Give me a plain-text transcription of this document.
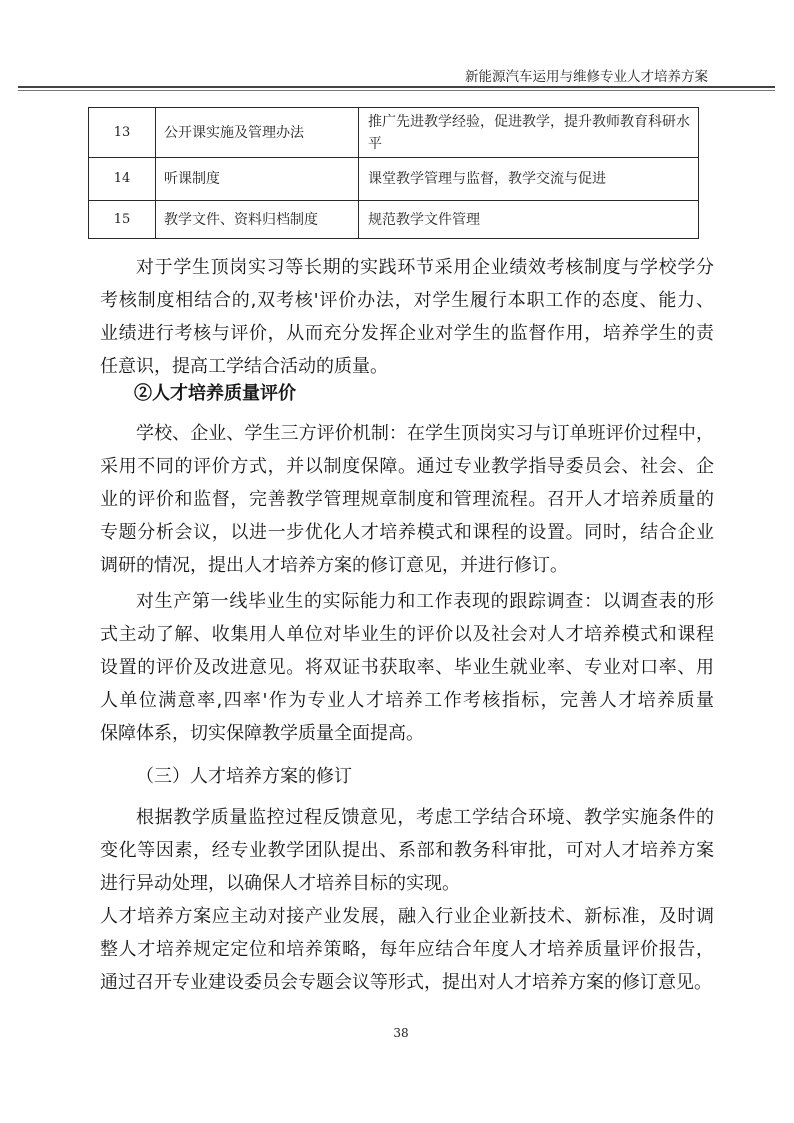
新能源汽车运用与维修专业人才培养方案
13	公开课实施及管理办法	推广先进教学经验，促进教学，提升教师教育科研水平
14	听课制度	课堂教学管理与监督，教学交流与促进
15	教学文件、资料归档制度	规范教学文件管理
对于学生顶岗实习等长期的实践环节采用企业绩效考核制度与学校学分
考核制度相结合的,双考核'评价办法，对学生履行本职工作的态度、能力、
业绩进行考核与评价，从而充分发挥企业对学生的监督作用，培养学生的责
任意识，提高工学结合活动的质量。
②人才培养质量评价
学校、企业、学生三方评价机制：在学生顶岗实习与订单班评价过程中，
采用不同的评价方式，并以制度保障。通过专业教学指导委员会、社会、企
业的评价和监督，完善教学管理规章制度和管理流程。召开人才培养质量的
专题分析会议，以进一步优化人才培养模式和课程的设置。同时，结合企业
调研的情况，提出人才培养方案的修订意见，并进行修订。
对生产第一线毕业生的实际能力和工作表现的跟踪调查：以调查表的形
式主动了解、收集用人单位对毕业生的评价以及社会对人才培养模式和课程
设置的评价及改进意见。将双证书获取率、毕业生就业率、专业对口率、用
人单位满意率,四率'作为专业人才培养工作考核指标，完善人才培养质量
保障体系，切实保障教学质量全面提高。
（三）人才培养方案的修订
根据教学质量监控过程反馈意见，考虑工学结合环境、教学实施条件的
变化等因素，经专业教学团队提出、系部和教务科审批，可对人才培养方案
进行异动处理，以确保人才培养目标的实现。
人才培养方案应主动对接产业发展，融入行业企业新技术、新标准，及时调
整人才培养规定定位和培养策略，每年应结合年度人才培养质量评价报告，
通过召开专业建设委员会专题会议等形式，提出对人才培养方案的修订意见。
38
